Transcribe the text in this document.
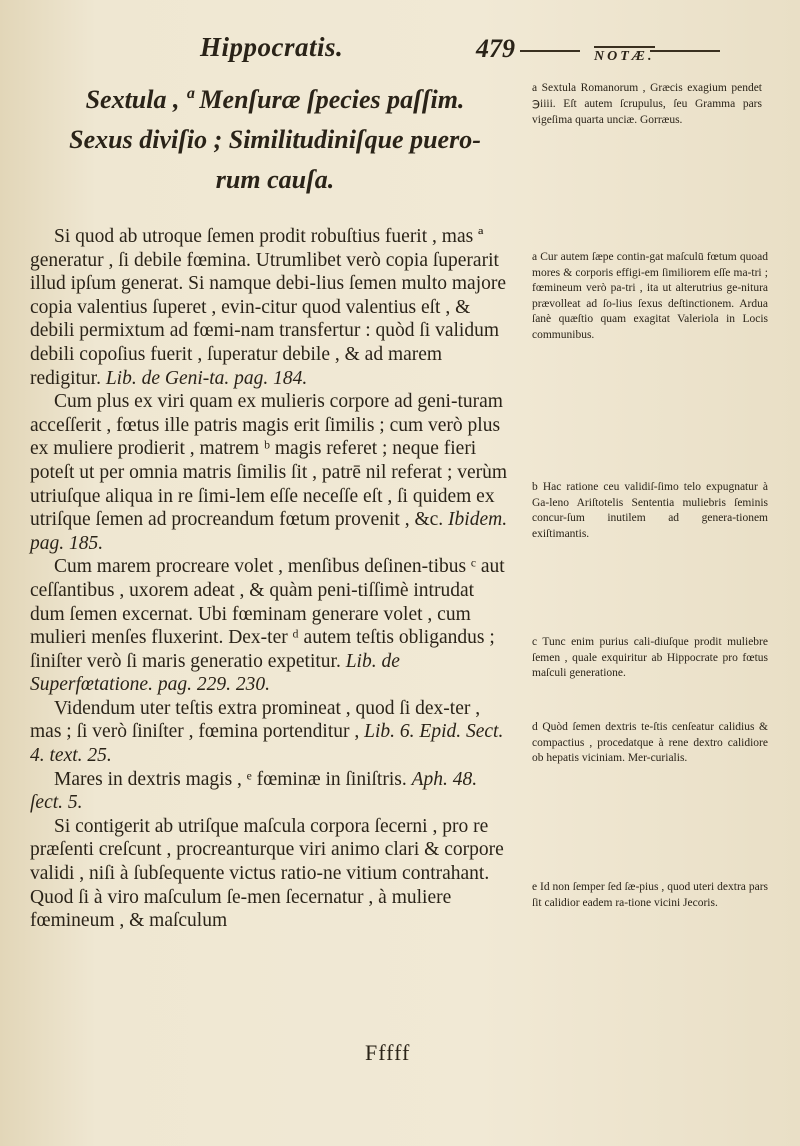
Hippocratis.	479	NOTÆ.
Sextula , ª Menſuræ ſpecies paſſim.
Sexus diviſio ; Similitudiniſque puero-
rum cauſa.
a Sextula Romanorum , Græcis exagium pendet ℈iiii. Eſt autem ſcrupulus, ſeu Gramma pars vigeſima quarta unciæ. Gorræus.

Si quod ab utroque ſemen prodit robuſtius fuerit , mas ª generatur , ſi debile fœmina. Utrumlibet verò copia ſuperarit illud ipſum generat. Si namque debi-lius ſemen multo majore copia valentius ſuperet , evin-citur quod valentius eſt , & debili permixtum ad fœmi-nam transfertur : quòd ſi validum debili copoſius fuerit , ſuperatur debile , & ad marem redigitur. Lib. de Geni-ta. pag. 184.

Cum plus ex viri quam ex mulieris corpore ad geni-turam acceſſerit , fœtus ille patris magis erit ſimilis ; cum verò plus ex muliere prodierit , matrem ᵇ magis referet ; neque fieri poteſt ut per omnia matris ſimilis ſit , patrē nil referat ; verùm utriuſque aliqua in re ſimi-lem eſſe neceſſe eſt , ſi quidem ex utriſque ſemen ad procreandum fœtum provenit , &c. Ibidem. pag. 185.

Cum marem procreare volet , menſibus deſinen-tibus ᶜ aut ceſſantibus , uxorem adeat , & quàm peni-tiſſimè intrudat dum ſemen excernat. Ubi fœminam generare volet , cum mulieri menſes fluxerint. Dex-ter ᵈ autem teſtis obligandus ; ſiniſter verò ſi maris generatio expetitur. Lib. de Superfœtatione. pag. 229. 230.

Videndum uter teſtis extra promineat , quod ſi dex-ter , mas ; ſi verò ſiniſter , fœmina portenditur , Lib. 6. Epid. Sect. 4. text. 25.

Mares in dextris magis , ᵉ fœminæ in ſiniſtris. Aph. 48. ſect. 5.

Si contigerit ab utriſque maſcula corpora ſecerni , pro re præſenti creſcunt , procreanturque viri animo clari & corpore validi , niſi à ſubſequente victus ratio-ne vitium contrahant. Quod ſi à viro maſculum ſe-men ſecernatur , à muliere fœmineum , & maſculum

a Cur autem ſæpe contin-gat maſculū fœtum quoad mores & corporis effigi-em ſimiliorem eſſe ma-tri ; fœmineum verò pa-tri , ita ut alterutrius ge-nitura prævolleat ad ſo-lius ſexus deſtinctionem. Ardua ſanè quæſtio quam exagitat Valeriola in Locis communibus.
b Hac ratione ceu validiſ-ſimo telo expugnatur à Ga-leno Ariſtotelis Sententia muliebris ſeminis concur-ſum inutilem ad genera-tionem exiſtimantis.
c Tunc enim purius cali-diuſque prodit muliebre ſemen , quale exquiritur ab Hippocrate pro fœtus maſculi generatione.
d Quòd ſemen dextris te-ſtis cenſeatur calidius & compactius , procedatque à rene dextro calidiore ob hepatis viciniam. Mer-curialis.
e Id non ſemper ſed ſæ-pius , quod uteri dextra pars ſit calidior eadem ra-tione vicini Jecoris.
Fffff
